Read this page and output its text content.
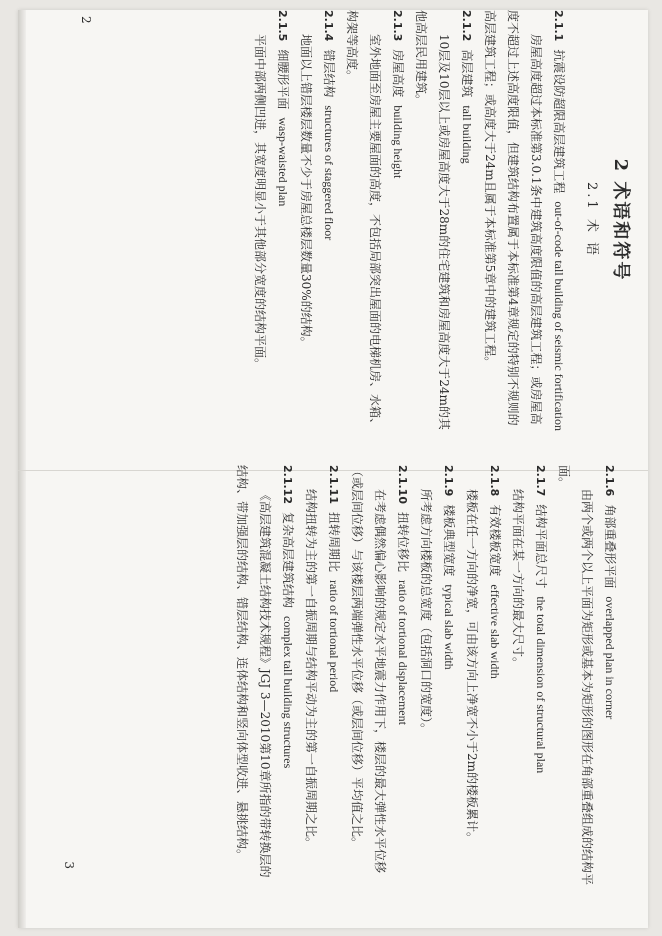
2 术语和符号
2.1 术 语

2.1.1抗震设防超限高层建筑工程out-of-code tall building of seismic fortification

房屋高度超过本标准第3.0.1条中建筑高度限值的高层建筑工程；或房屋高度不超过上述高度限值，但建筑结构布置属于本标准第4章规定的特别不规则的高层建筑工程；或高度大于24m且属于本标准第5章中的建筑工程。

2.1.2高层建筑tall building

10层及10层以上或房屋高度大于28m的住宅建筑和房屋高度大于24m的其他高层民用建筑。

2.1.3房屋高度building height

室外地面至房屋主要屋面的高度，不包括局部突出屋面的电梯机房、水箱、构架等高度。

2.1.4错层结构structures of staggered floor

地面以上错层楼层数量不少于房屋总楼层数量30%的结构。

2.1.5细腰形平面wasp-waisted plan

平面中部两侧凹进，其宽度明显小于其他部分宽度的结构平面。

2

2.1.6角部重叠形平面overlapped plan in corner

由两个或两个以上平面为矩形或基本为矩形的图形在角部重叠组成的结构平面。

2.1.7结构平面总尺寸the total dimension of structural plan

结构平面在某一方向的最大尺寸。

2.1.8有效楼板宽度effective slab width

楼板在任一方向的净宽，可由该方向上净宽不小于2m的楼板累计。

2.1.9楼板典型宽度typical slab width

所考虑方向楼板的总宽度（包括洞口的宽度）。

2.1.10扭转位移比ratio of tortional displacement

在考虑偶然偏心影响的规定水平地震力作用下，楼层的最大弹性水平位移（或层间位移）与该楼层两端弹性水平位移（或层间位移）平均值之比。

2.1.11扭转周期比ratio of tortional period

结构扭转为主的第一自振周期与结构平动为主的第一自振周期之比。

2.1.12复杂高层建筑结构complex tall building structures

《高层建筑混凝土结构技术规程》JGJ 3—2010第10章所指的带转换层的结构、带加强层的结构、错层结构、连体结构和竖向体型收进、悬挑结构。

3
